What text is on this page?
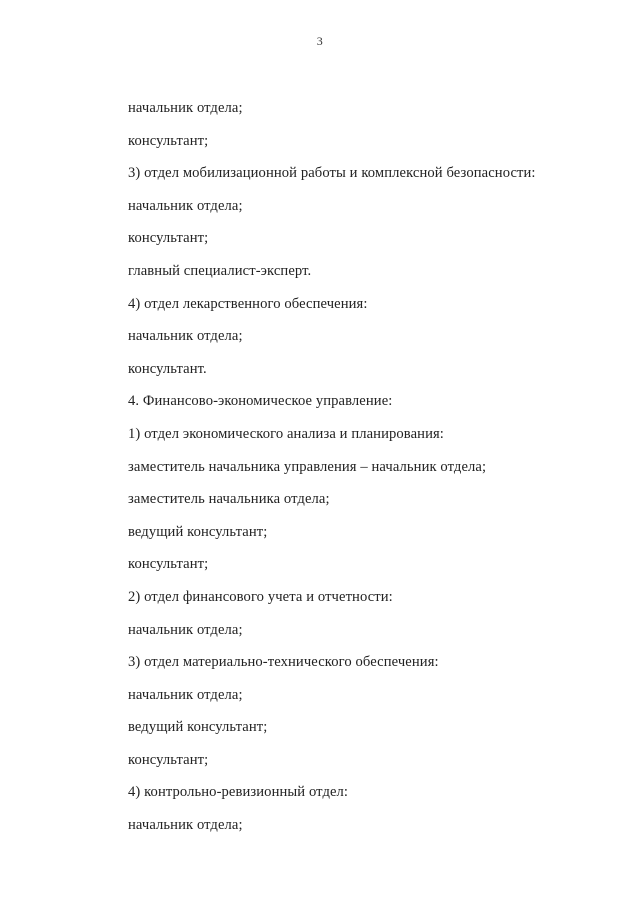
3
начальник отдела;
консультант;
3) отдел мобилизационной работы и комплексной безопасности:
начальник отдела;
консультант;
главный специалист-эксперт.
4) отдел лекарственного обеспечения:
начальник отдела;
консультант.
4. Финансово-экономическое управление:
1) отдел экономического анализа и планирования:
заместитель начальника управления – начальник отдела;
заместитель начальника отдела;
ведущий консультант;
консультант;
2) отдел финансового учета и отчетности:
начальник отдела;
3) отдел материально-технического обеспечения:
начальник отдела;
ведущий консультант;
консультант;
4) контрольно-ревизионный отдел:
начальник отдела;
